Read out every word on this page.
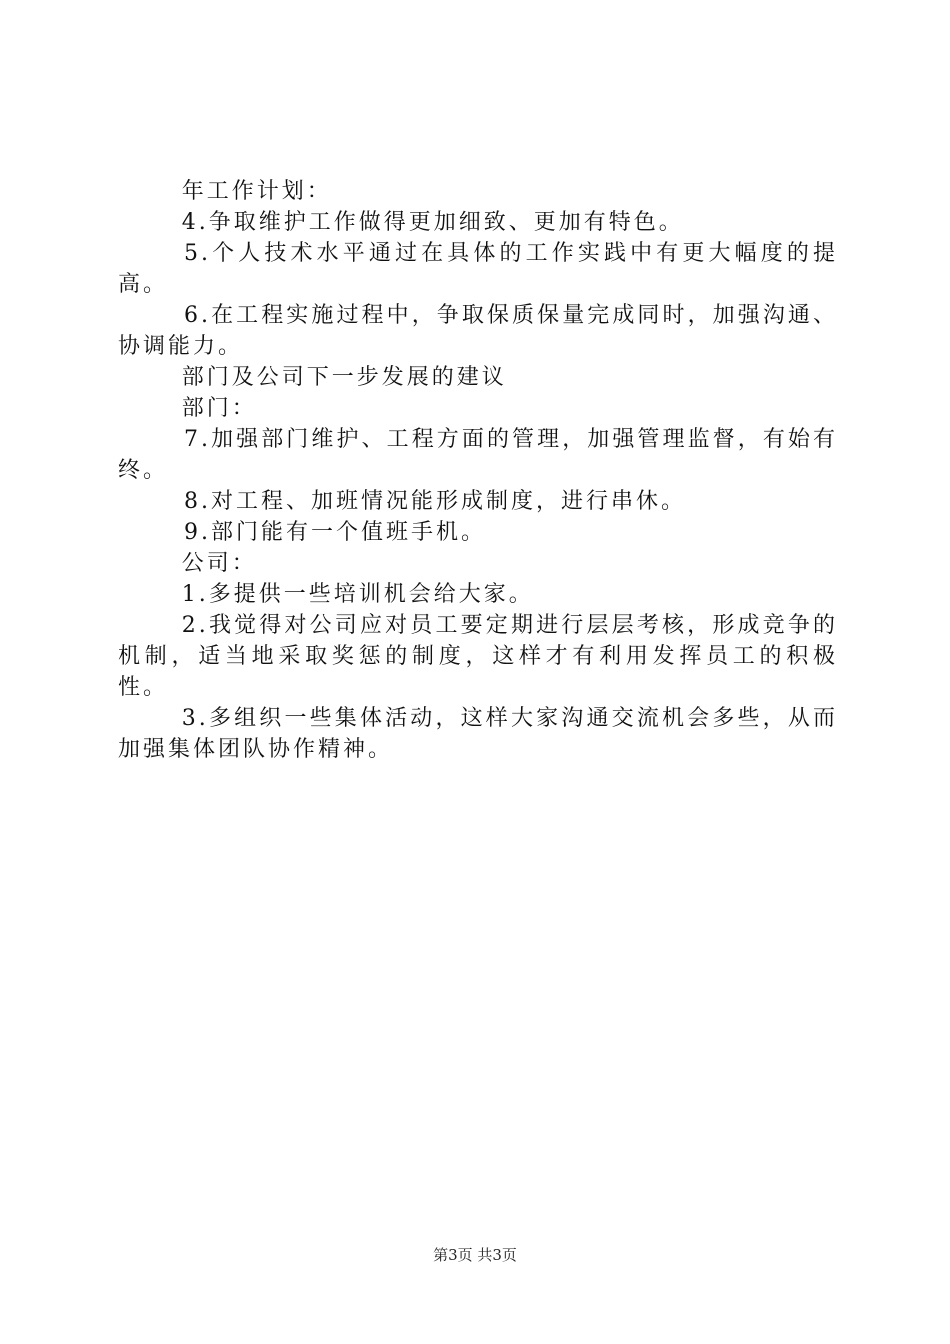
年工作计划：

4.争取维护工作做得更加细致、更加有特色。

5.个人技术水平通过在具体的工作实践中有更大幅度的提高。

6.在工程实施过程中，争取保质保量完成同时，加强沟通、协调能力。

部门及公司下一步发展的建议

部门：

7.加强部门维护、工程方面的管理，加强管理监督，有始有终。

8.对工程、加班情况能形成制度，进行串休。

9.部门能有一个值班手机。

公司：

1.多提供一些培训机会给大家。

2.我觉得对公司应对员工要定期进行层层考核，形成竞争的机制，适当地采取奖惩的制度，这样才有利用发挥员工的积极性。

3.多组织一些集体活动，这样大家沟通交流机会多些，从而加强集体团队协作精神。

第3页 共3页
